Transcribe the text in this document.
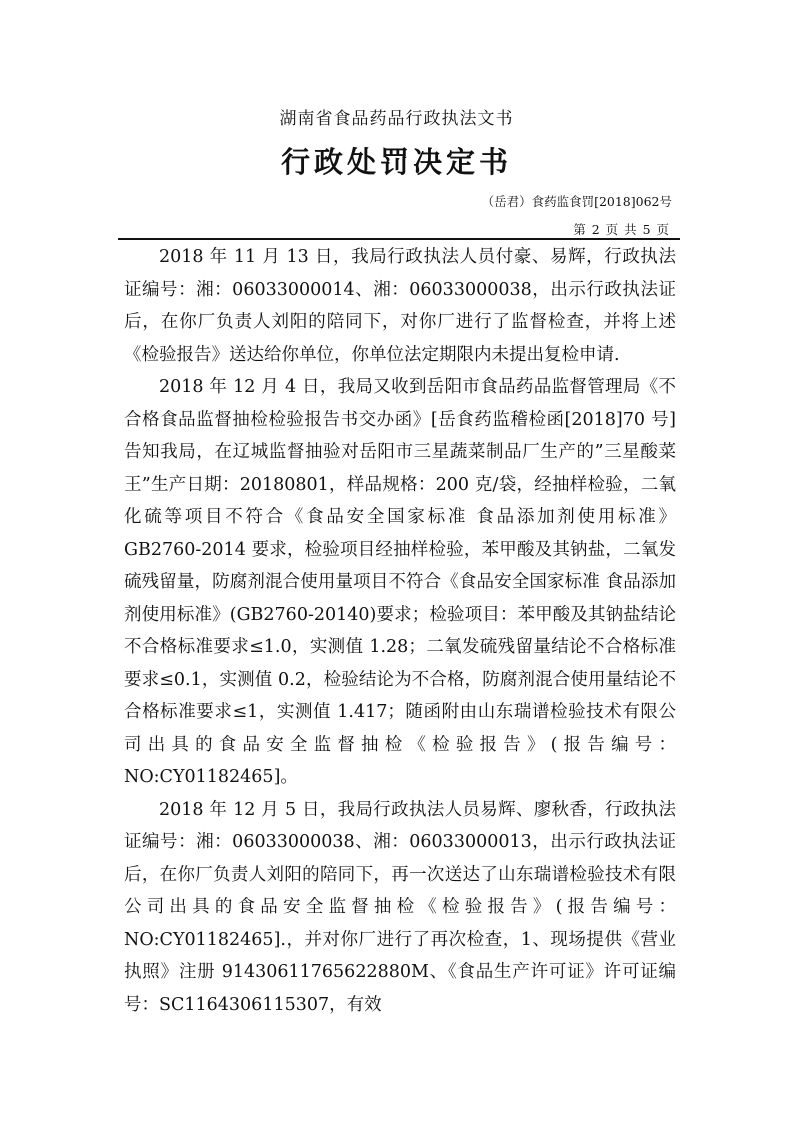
湖南省食品药品行政执法文书
行政处罚决定书
（岳君）食药监食罚[2018]062号
第 2 页 共 5 页

2018 年 11 月 13 日，我局行政执法人员付豪、易辉，行政执法证编号：湘：06033000014、湘：06033000038，出示行政执法证后，在你厂负责人刘阳的陪同下，对你厂进行了监督检查，并将上述《检验报告》送达给你单位，你单位法定期限内未提出复检申请.

2018 年 12 月 4 日，我局又收到岳阳市食品药品监督管理局《不合格食品监督抽检检验报告书交办函》[岳食药监稽检函[2018]70 号]告知我局，在辽城监督抽验对岳阳市三星蔬菜制品厂生产的”三星酸菜王”生产日期：20180801，样品规格：200 克/袋，经抽样检验，二氧化硫等项目不符合《食品安全国家标准 食品添加剂使用标准》GB2760-2014 要求，检验项目经抽样检验，苯甲酸及其钠盐，二氧发硫残留量，防腐剂混合使用量项目不符合《食品安全国家标准 食品添加剂使用标准》(GB2760-20140)要求；检验项目：苯甲酸及其钠盐结论不合格标准要求≤1.0，实测值 1.28；二氧发硫残留量结论不合格标准要求≤0.1，实测值 0.2，检验结论为不合格，防腐剂混合使用量结论不合格标准要求≤1，实测值 1.417；随函附由山东瑞谱检验技术有限公司出具的食品安全监督抽检《检验报告》(报告编号：NO:CY01182465]。

2018 年 12 月 5 日，我局行政执法人员易辉、廖秋香，行政执法证编号：湘：06033000038、湘：06033000013，出示行政执法证后，在你厂负责人刘阳的陪同下，再一次送达了山东瑞谱检验技术有限公司出具的食品安全监督抽检《检验报告》(报告编号：NO:CY01182465].，并对你厂进行了再次检查，1、现场提供《营业执照》注册 91430611765622880M、《食品生产许可证》许可证编号：SC1164306115307，有效
